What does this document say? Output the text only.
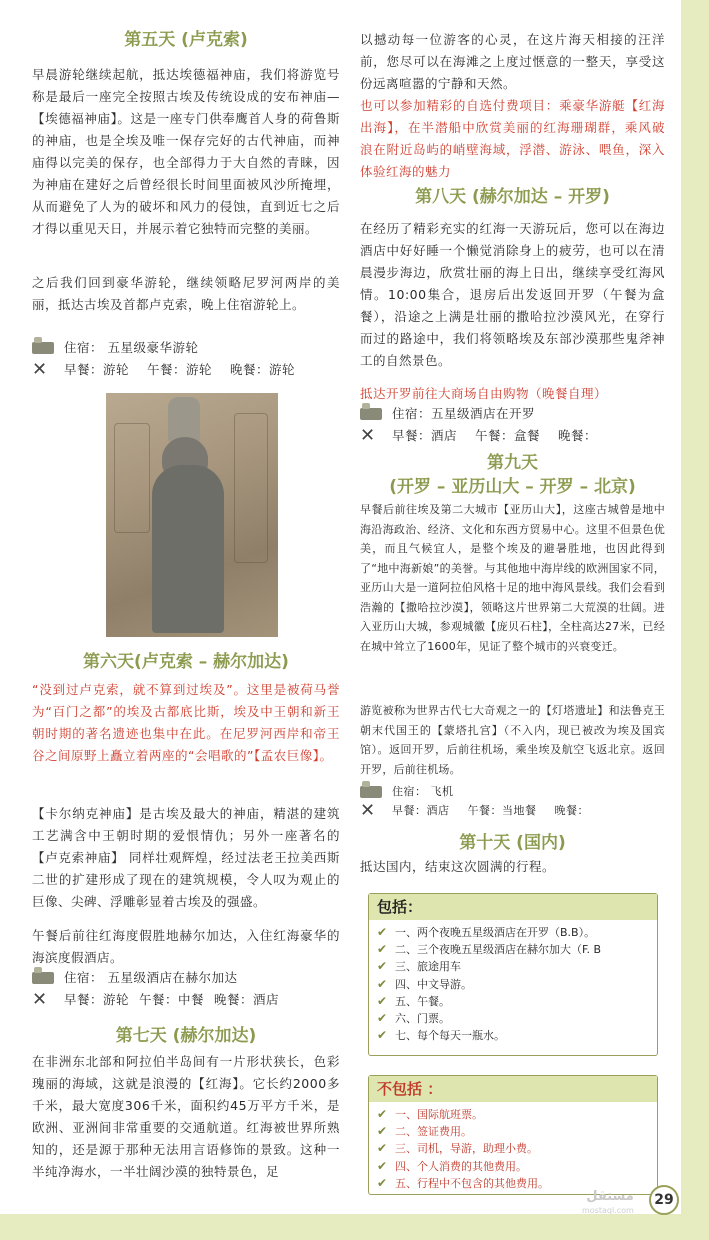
第五天 (卢克索)
早晨游轮继续起航，抵达埃德福神庙，我们将游览号称是最后一座完全按照古埃及传统设成的安布神庙—【埃德福神庙】。这是一座专门供奉鹰首人身的荷鲁斯的神庙，也是全埃及唯一保存完好的古代神庙，而神庙得以完美的保存，也全部得力于大自然的青睐，因为神庙在建好之后曾经很长时间里面被风沙所掩埋，从而避免了人为的破坏和风力的侵蚀，直到近七之后才得以重见天日，并展示着它独特而完整的美丽。
之后我们回到豪华游轮，继续领略尼罗河两岸的美丽，抵达古埃及首都卢克索，晚上住宿游轮上。
住宿： 五星级豪华游轮
✕ 早餐：游轮 午餐：游轮 晚餐：游轮
第六天(卢克索 – 赫尔加达)
“没到过卢克索，就不算到过埃及”。这里是被荷马誉为“百门之都”的埃及古都底比斯，埃及中王朝和新王朝时期的著名遗迹也集中在此。在尼罗河西岸和帝王谷之间原野上矗立着两座的“会唱歌的”【孟农巨像】。
【卡尔纳克神庙】是古埃及最大的神庙，精湛的建筑工艺满含中王朝时期的爱恨情仇；另外一座著名的【卢克索神庙】 同样壮观辉煌，经过法老王拉美西斯二世的扩建形成了现在的建筑规模，令人叹为观止的巨像、尖碑、浮雕彰显着古埃及的强盛。
午餐后前往红海度假胜地赫尔加达，入住红海豪华的海滨度假酒店。
住宿： 五星级酒店在赫尔加达
✕ 早餐：游轮 午餐：中餐 晚餐：酒店
第七天 (赫尔加达)
在非洲东北部和阿拉伯半岛间有一片形状狭长，色彩瑰丽的海域，这就是浪漫的【红海】。它长约2000多千米，最大宽度306千米，面积约45万平方千米，是欧洲、亚洲间非常重要的交通航道。红海被世界所熟知的，还是源于那种无法用言语修饰的景致。这种一半纯净海水，一半壮阔沙漠的独特景色，足
以撼动每一位游客的心灵，在这片海天相接的汪洋前，您尽可以在海滩之上度过惬意的一整天，享受这份远离喧嚣的宁静和天然。
也可以参加精彩的自选付费项目：乘豪华游艇【红海出海】，在半潜船中欣赏美丽的红海珊瑚群，乘风破浪在附近岛屿的峭壁海域，浮潜、游泳、喂鱼，深入体验红海的魅力
第八天 (赫尔加达 – 开罗)
在经历了精彩充实的红海一天游玩后，您可以在海边酒店中好好睡一个懒觉消除身上的疲劳，也可以在清晨漫步海边，欣赏壮丽的海上日出，继续享受红海风情。10:00集合，退房后出发返回开罗（午餐为盒餐），沿途之上满是壮丽的撒哈拉沙漠风光，在穿行而过的路途中，我们将领略埃及东部沙漠那些鬼斧神工的自然景色。
抵达开罗前往大商场自由购物（晚餐自理）
住宿：五星级酒店在开罗
✕ 早餐：酒店 午餐：盒餐 晚餐：
第九天
(开罗 – 亚历山大 – 开罗 – 北京)
早餐后前往埃及第二大城市【亚历山大】，这座古城曾是地中海沿海政治、经济、文化和东西方贸易中心。这里不但景色优美，而且气候宜人，是整个埃及的避暑胜地，也因此得到了“地中海新娘”的美誉。与其他地中海岸线的欧洲国家不同，亚历山大是一道阿拉伯风格十足的地中海风景线。我们会看到浩瀚的【撒哈拉沙漠】，领略这片世界第二大荒漠的壮阔。进入亚历山大城，参观城徽【庞贝石柱】，全柱高达27米，已经在城中耸立了1600年，见证了整个城市的兴衰变迁。
游览被称为世界古代七大奇观之一的【灯塔遗址】和法鲁克王朝末代国王的【蒙塔扎宫】（不入内，现已被改为埃及国宾馆）。返回开罗，后前往机场，乘坐埃及航空飞返北京。返回开罗，后前往机场。
住宿： 飞机
✕ 早餐：酒店 午餐：当地餐 晚餐：
第十天 (国内)
抵达国内，结束这次圆满的行程。
包括：
✔ 一、两个夜晚五星级酒店在开罗（B.B）。
✔ 二、三个夜晚五星级酒店在赫尔加大（F. B
✔ 三、旅途用车
✔ 四、中文导游。
✔ 五、午餐。
✔ 六、门票。
✔ 七、每个每天一瓶水。
不包括 ：
✔ 一、国际航班票。
✔ 二、签证费用。
✔ 三、司机，导游，助理小费。
✔ 四、个人消费的其他费用。
✔ 五、行程中不包含的其他费用。
مستقل
mostaql.com
29
